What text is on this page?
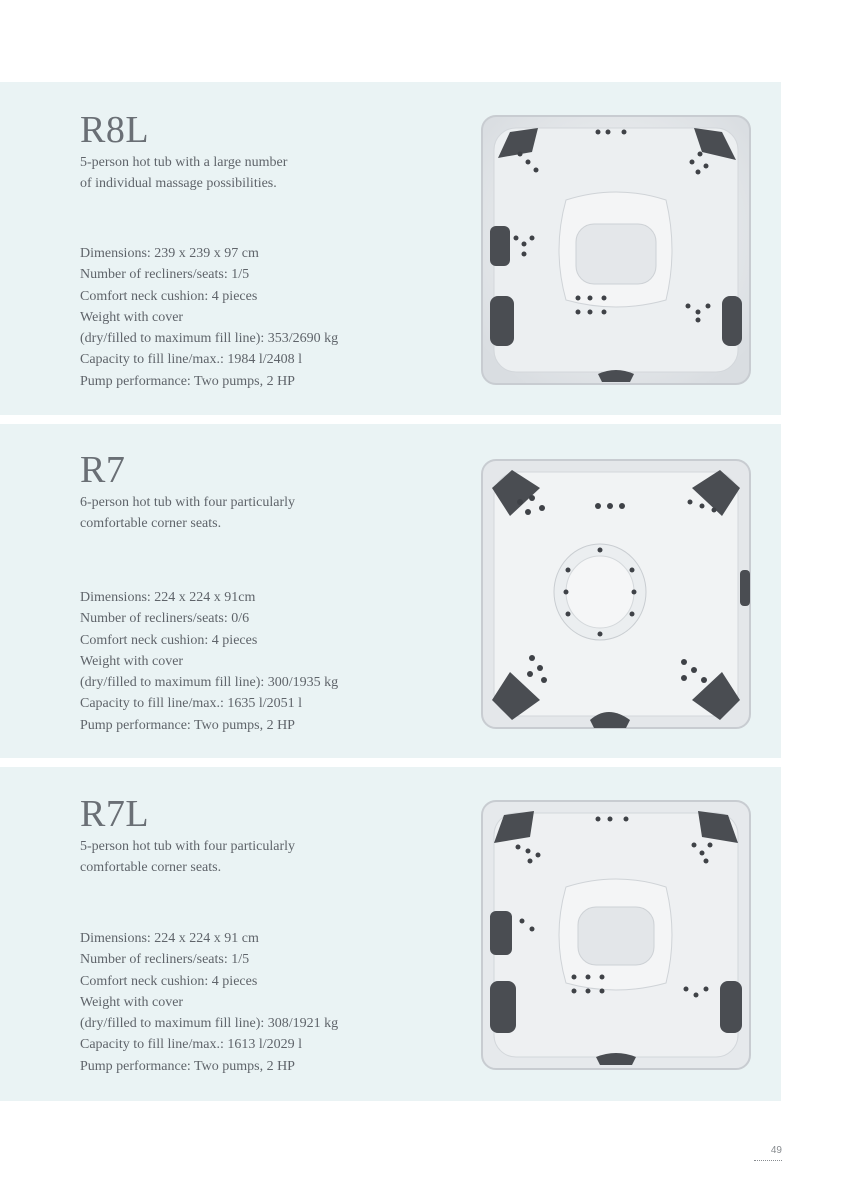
R8L
5-person hot tub with a large number
of individual massage possibilities.
Dimensions: 239 x 239 x 97 cm
Number of recliners/seats: 1/5
Comfort neck cushion: 4 pieces
Weight with cover
(dry/filled to maximum fill line): 353/2690 kg
Capacity to fill line/max.: 1984 l/2408 l
Pump performance: Two pumps, 2 HP
R7
6-person hot tub with four particularly
comfortable corner seats.
Dimensions: 224 x 224 x 91cm
Number of recliners/seats: 0/6
Comfort neck cushion: 4 pieces
Weight with cover
(dry/filled to maximum fill line): 300/1935 kg
Capacity to fill line/max.: 1635 l/2051 l
Pump performance: Two pumps, 2 HP
R7L
5-person hot tub with four particularly
comfortable corner seats.
Dimensions: 224 x 224 x 91 cm
Number of recliners/seats: 1/5
Comfort neck cushion: 4 pieces
Weight with cover
(dry/filled to maximum fill line): 308/1921 kg
Capacity to fill line/max.: 1613 l/2029 l
Pump performance: Two pumps, 2 HP
49
